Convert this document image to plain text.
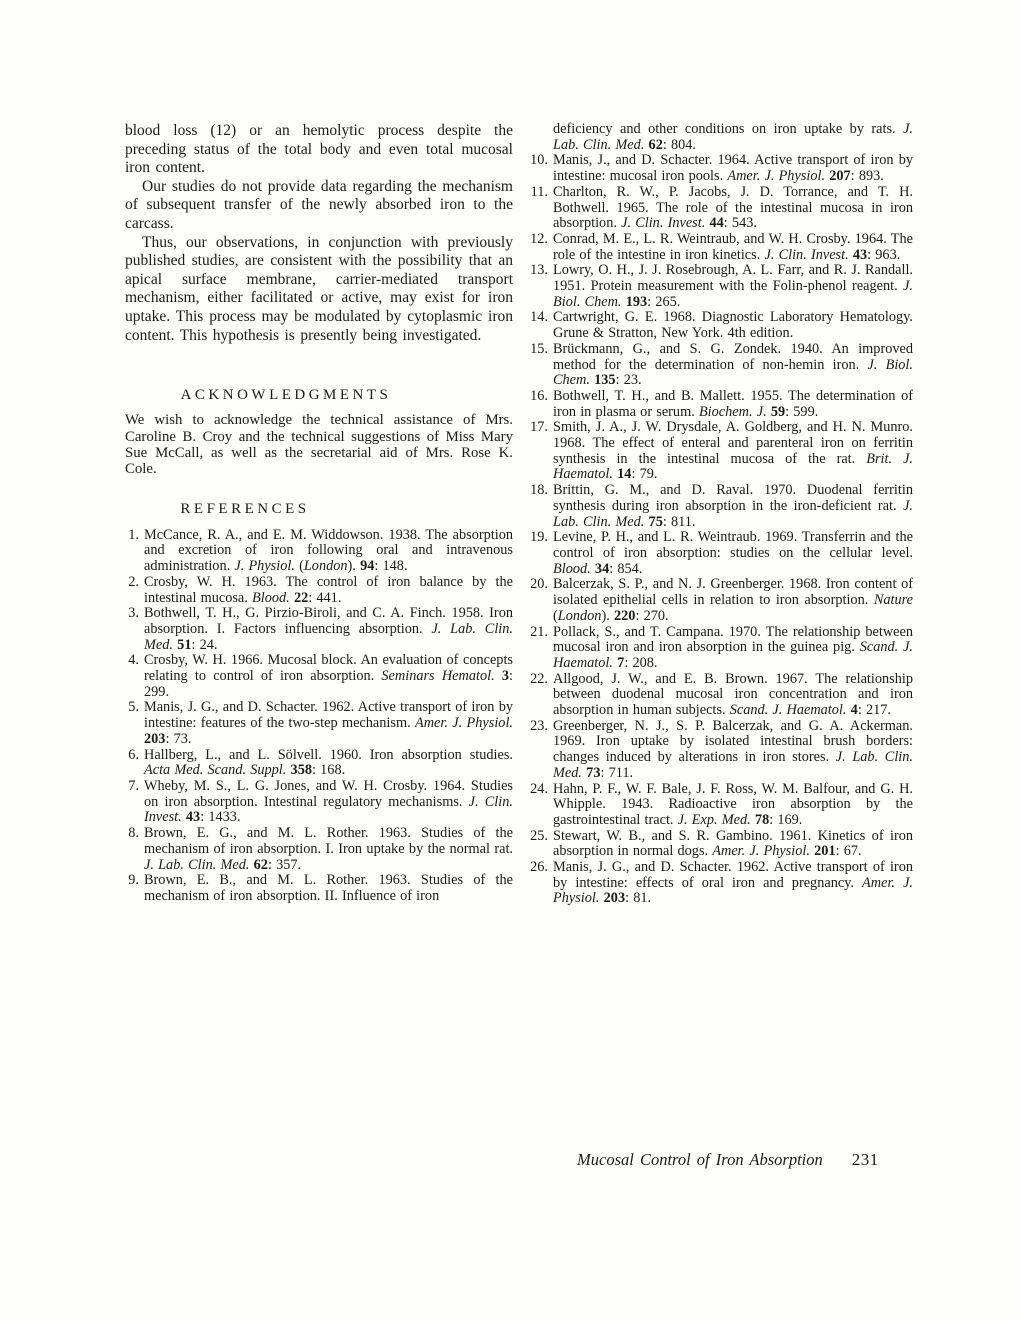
blood loss (12) or an hemolytic process despite the preceding status of the total body and even total mucosal iron content.

Our studies do not provide data regarding the mechanism of subsequent transfer of the newly absorbed iron to the carcass.

Thus, our observations, in conjunction with previously published studies, are consistent with the possibility that an apical surface membrane, carrier-mediated transport mechanism, either facilitated or active, may exist for iron uptake. This process may be modulated by cytoplasmic iron content. This hypothesis is presently being investigated.

ACKNOWLEDGMENTS

We wish to acknowledge the technical assistance of Mrs. Caroline B. Croy and the technical suggestions of Miss Mary Sue McCall, as well as the secretarial aid of Mrs. Rose K. Cole.

REFERENCES
1. McCance, R. A., and E. M. Widdowson. 1938. The absorption and excretion of iron following oral and intravenous administration. J. Physiol. (London). 94: 148.
2. Crosby, W. H. 1963. The control of iron balance by the intestinal mucosa. Blood. 22: 441.
3. Bothwell, T. H., G. Pirzio-Biroli, and C. A. Finch. 1958. Iron absorption. I. Factors influencing absorption. J. Lab. Clin. Med. 51: 24.
4. Crosby, W. H. 1966. Mucosal block. An evaluation of concepts relating to control of iron absorption. Seminars Hematol. 3: 299.
5. Manis, J. G., and D. Schacter. 1962. Active transport of iron by intestine: features of the two-step mechanism. Amer. J. Physiol. 203: 73.
6. Hallberg, L., and L. Sölvell. 1960. Iron absorption studies. Acta Med. Scand. Suppl. 358: 168.
7. Wheby, M. S., L. G. Jones, and W. H. Crosby. 1964. Studies on iron absorption. Intestinal regulatory mechanisms. J. Clin. Invest. 43: 1433.
8. Brown, E. G., and M. L. Rother. 1963. Studies of the mechanism of iron absorption. I. Iron uptake by the normal rat. J. Lab. Clin. Med. 62: 357.
9. Brown, E. B., and M. L. Rother. 1963. Studies of the mechanism of iron absorption. II. Influence of iron
deficiency and other conditions on iron uptake by rats. J. Lab. Clin. Med. 62: 804.
10. Manis, J., and D. Schacter. 1964. Active transport of iron by intestine: mucosal iron pools. Amer. J. Physiol. 207: 893.
11. Charlton, R. W., P. Jacobs, J. D. Torrance, and T. H. Bothwell. 1965. The role of the intestinal mucosa in iron absorption. J. Clin. Invest. 44: 543.
12. Conrad, M. E., L. R. Weintraub, and W. H. Crosby. 1964. The role of the intestine in iron kinetics. J. Clin. Invest. 43: 963.
13. Lowry, O. H., J. J. Rosebrough, A. L. Farr, and R. J. Randall. 1951. Protein measurement with the Folin-phenol reagent. J. Biol. Chem. 193: 265.
14. Cartwright, G. E. 1968. Diagnostic Laboratory Hematology. Grune & Stratton, New York. 4th edition.
15. Brückmann, G., and S. G. Zondek. 1940. An improved method for the determination of non-hemin iron. J. Biol. Chem. 135: 23.
16. Bothwell, T. H., and B. Mallett. 1955. The determination of iron in plasma or serum. Biochem. J. 59: 599.
17. Smith, J. A., J. W. Drysdale, A. Goldberg, and H. N. Munro. 1968. The effect of enteral and parenteral iron on ferritin synthesis in the intestinal mucosa of the rat. Brit. J. Haematol. 14: 79.
18. Brittin, G. M., and D. Raval. 1970. Duodenal ferritin synthesis during iron absorption in the iron-deficient rat. J. Lab. Clin. Med. 75: 811.
19. Levine, P. H., and L. R. Weintraub. 1969. Transferrin and the control of iron absorption: studies on the cellular level. Blood. 34: 854.
20. Balcerzak, S. P., and N. J. Greenberger. 1968. Iron content of isolated epithelial cells in relation to iron absorption. Nature (London). 220: 270.
21. Pollack, S., and T. Campana. 1970. The relationship between mucosal iron and iron absorption in the guinea pig. Scand. J. Haematol. 7: 208.
22. Allgood, J. W., and E. B. Brown. 1967. The relationship between duodenal mucosal iron concentration and iron absorption in human subjects. Scand. J. Haematol. 4: 217.
23. Greenberger, N. J., S. P. Balcerzak, and G. A. Ackerman. 1969. Iron uptake by isolated intestinal brush borders: changes induced by alterations in iron stores. J. Lab. Clin. Med. 73: 711.
24. Hahn, P. F., W. F. Bale, J. F. Ross, W. M. Balfour, and G. H. Whipple. 1943. Radioactive iron absorption by the gastrointestinal tract. J. Exp. Med. 78: 169.
25. Stewart, W. B., and S. R. Gambino. 1961. Kinetics of iron absorption in normal dogs. Amer. J. Physiol. 201: 67.
26. Manis, J. G., and D. Schacter. 1962. Active transport of iron by intestine: effects of oral iron and pregnancy. Amer. J. Physiol. 203: 81.
Mucosal Control of Iron Absorption 231
